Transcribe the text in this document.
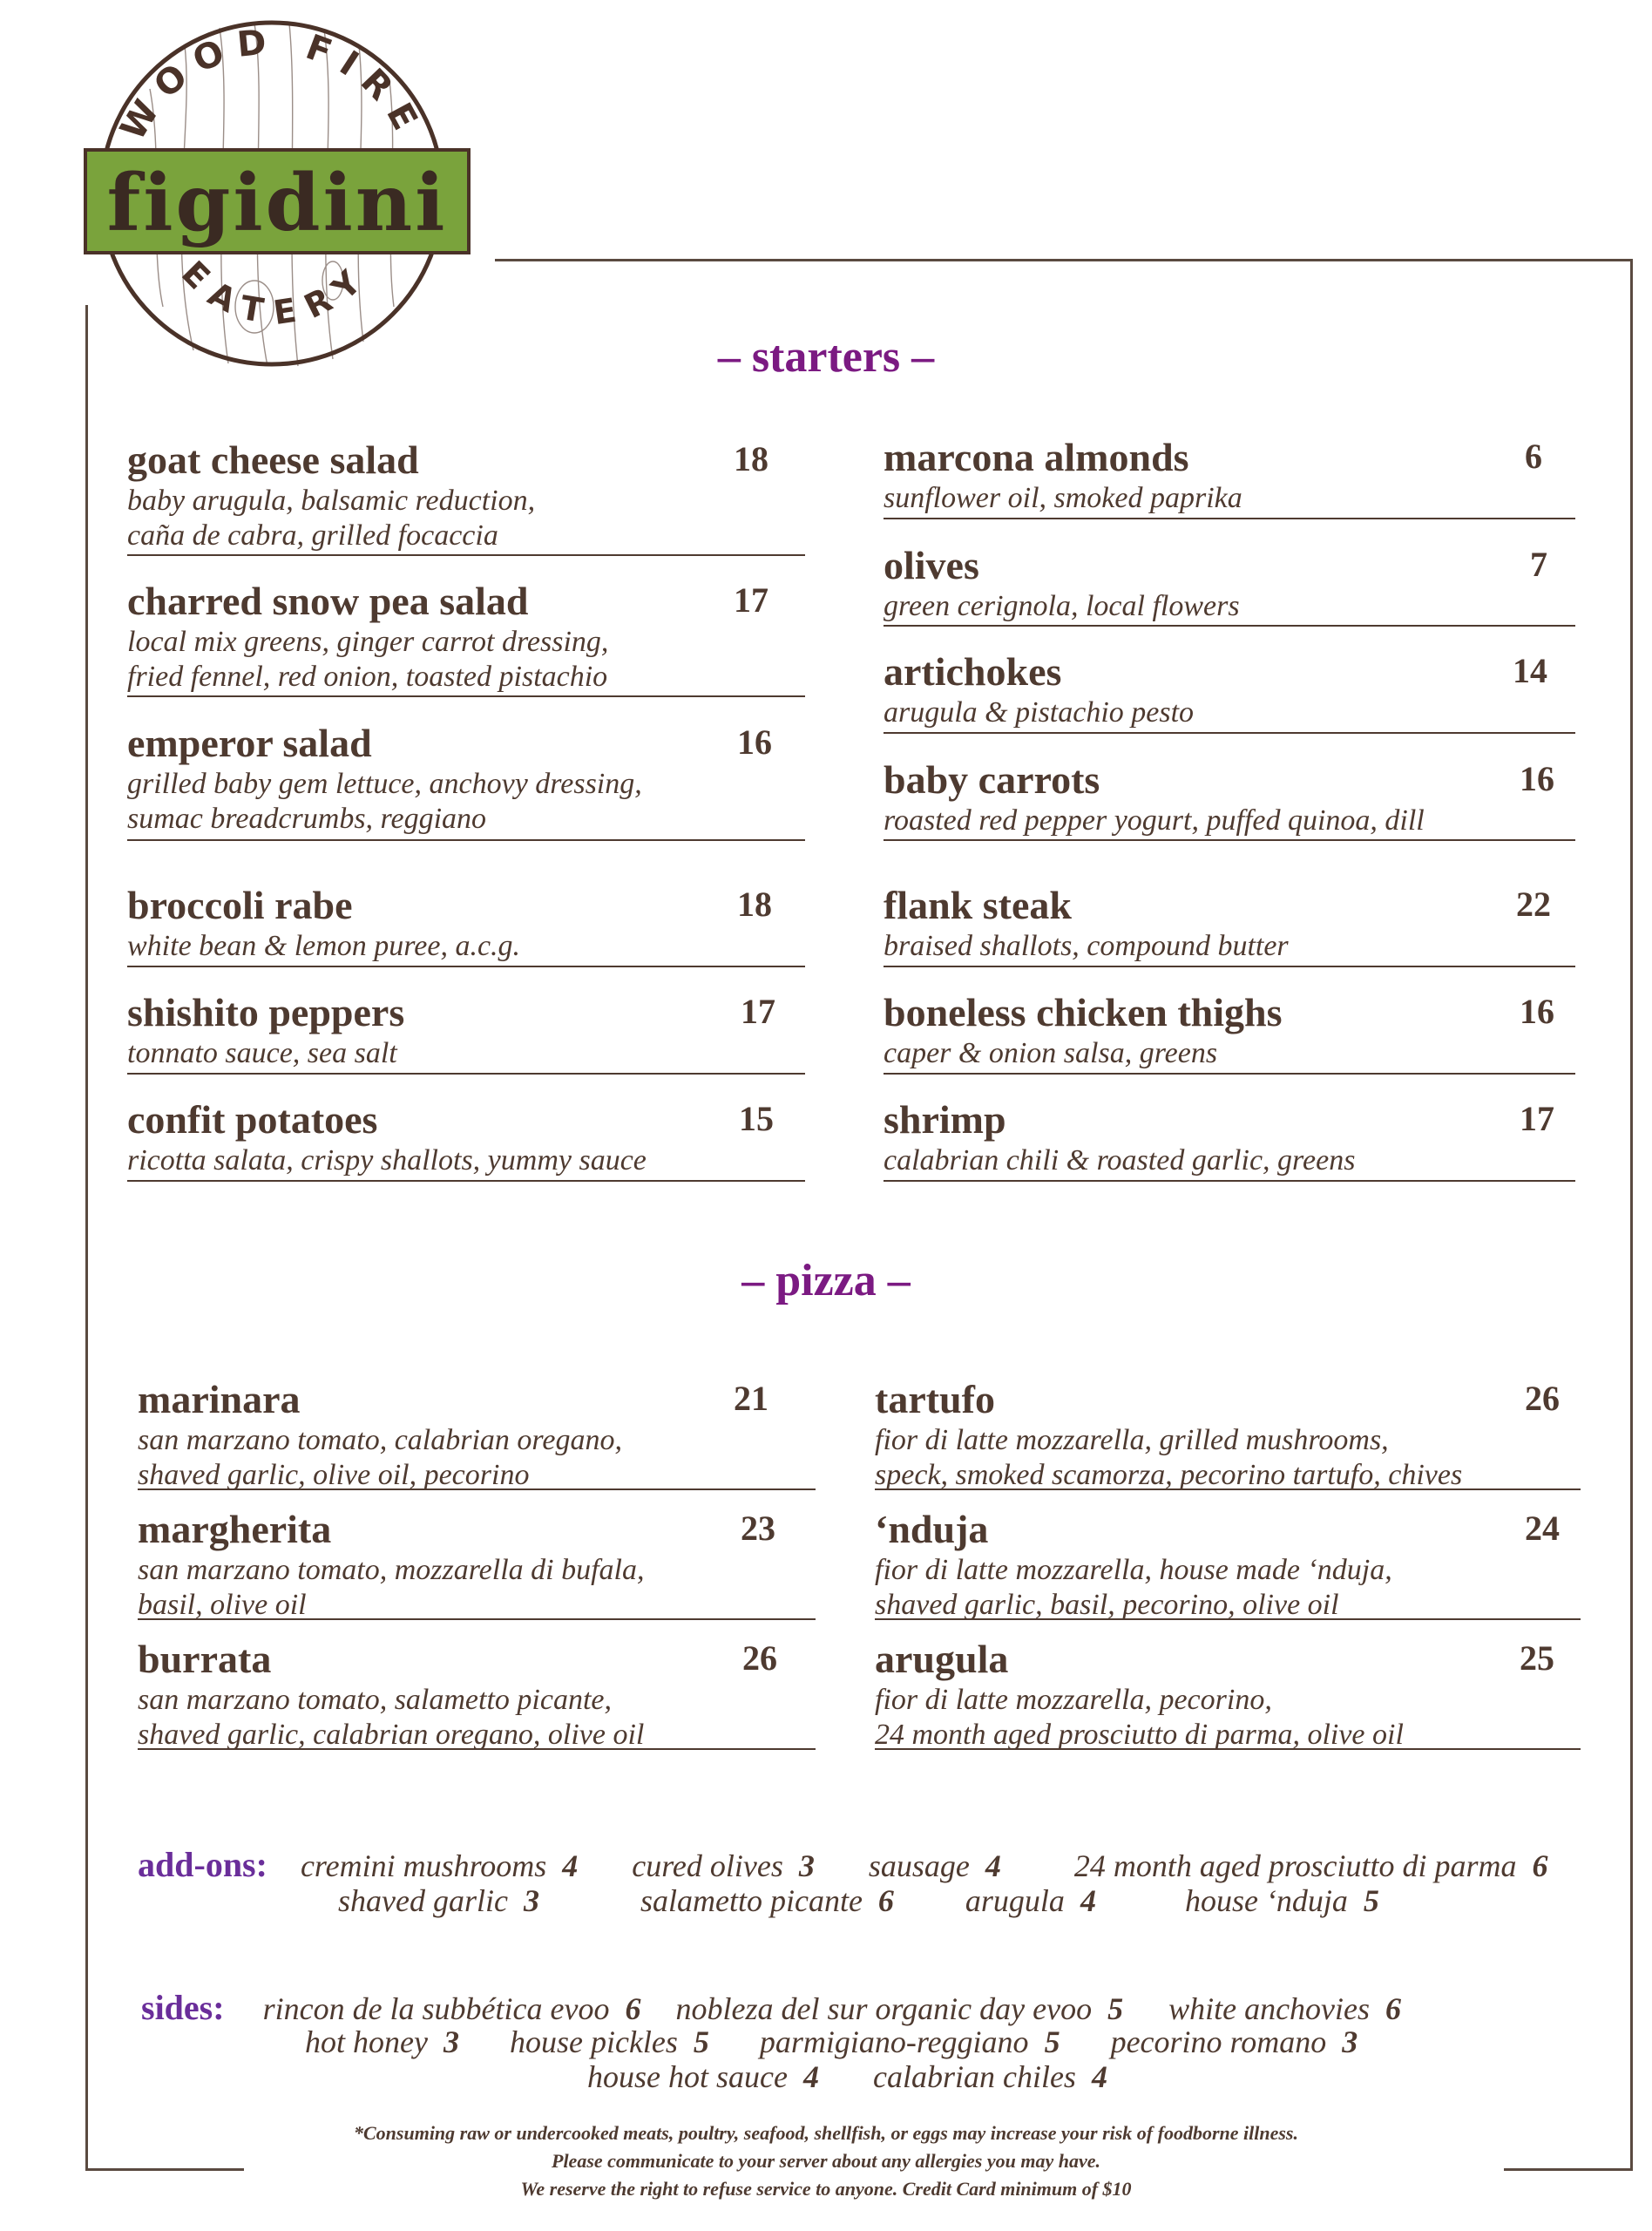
WOOD FIRE
EATERY
figidini
– starters –
– pizza –
goat cheese salad	18
baby arugula, balsamic reduction,
caña de cabra, grilled focaccia
charred snow pea salad	17
local mix greens, ginger carrot dressing,
fried fennel, red onion, toasted pistachio
emperor salad	16
grilled baby gem lettuce, anchovy dressing,
sumac breadcrumbs, reggiano
broccoli rabe	18
white bean & lemon puree, a.c.g.
shishito peppers	17
tonnato sauce, sea salt
confit potatoes	15
ricotta salata, crispy shallots, yummy sauce
marcona almonds	6
sunflower oil, smoked paprika
olives	7
green cerignola, local flowers
artichokes	14
arugula & pistachio pesto
baby carrots	16
roasted red pepper yogurt, puffed quinoa, dill
flank steak	22
braised shallots, compound butter
boneless chicken thighs	16
caper & onion salsa, greens
shrimp	17
calabrian chili & roasted garlic, greens
marinara	21
san marzano tomato, calabrian oregano,
shaved garlic, olive oil, pecorino
margherita	23
san marzano tomato, mozzarella di bufala,
basil, olive oil
burrata	26
san marzano tomato, salametto picante,
shaved garlic, calabrian oregano, olive oil
tartufo	26
fior di latte mozzarella, grilled mushrooms,
speck, smoked scamorza, pecorino tartufo, chives
‘nduja	24
fior di latte mozzarella, house made ‘nduja,
shaved garlic, basil, pecorino, olive oil
arugula	25
fior di latte mozzarella, pecorino,
24 month aged prosciutto di parma, olive oil
add-ons: cremini mushrooms 4 cured olives 3 sausage 4 24 month aged prosciutto di parma 6
shaved garlic 3	salametto picante 6 arugula 4	house ‘nduja 5
sides: rincon de la subbética evoo 6 nobleza del sur organic day evoo 5 white anchovies 6
hot honey 3 house pickles 5 parmigiano-reggiano 5 pecorino romano 3
house hot sauce 4 calabrian chiles 4
*Consuming raw or undercooked meats, poultry, seafood, shellfish, or eggs may increase your risk of foodborne illness.
Please communicate to your server about any allergies you may have.
We reserve the right to refuse service to anyone. Credit Card minimum of $10
